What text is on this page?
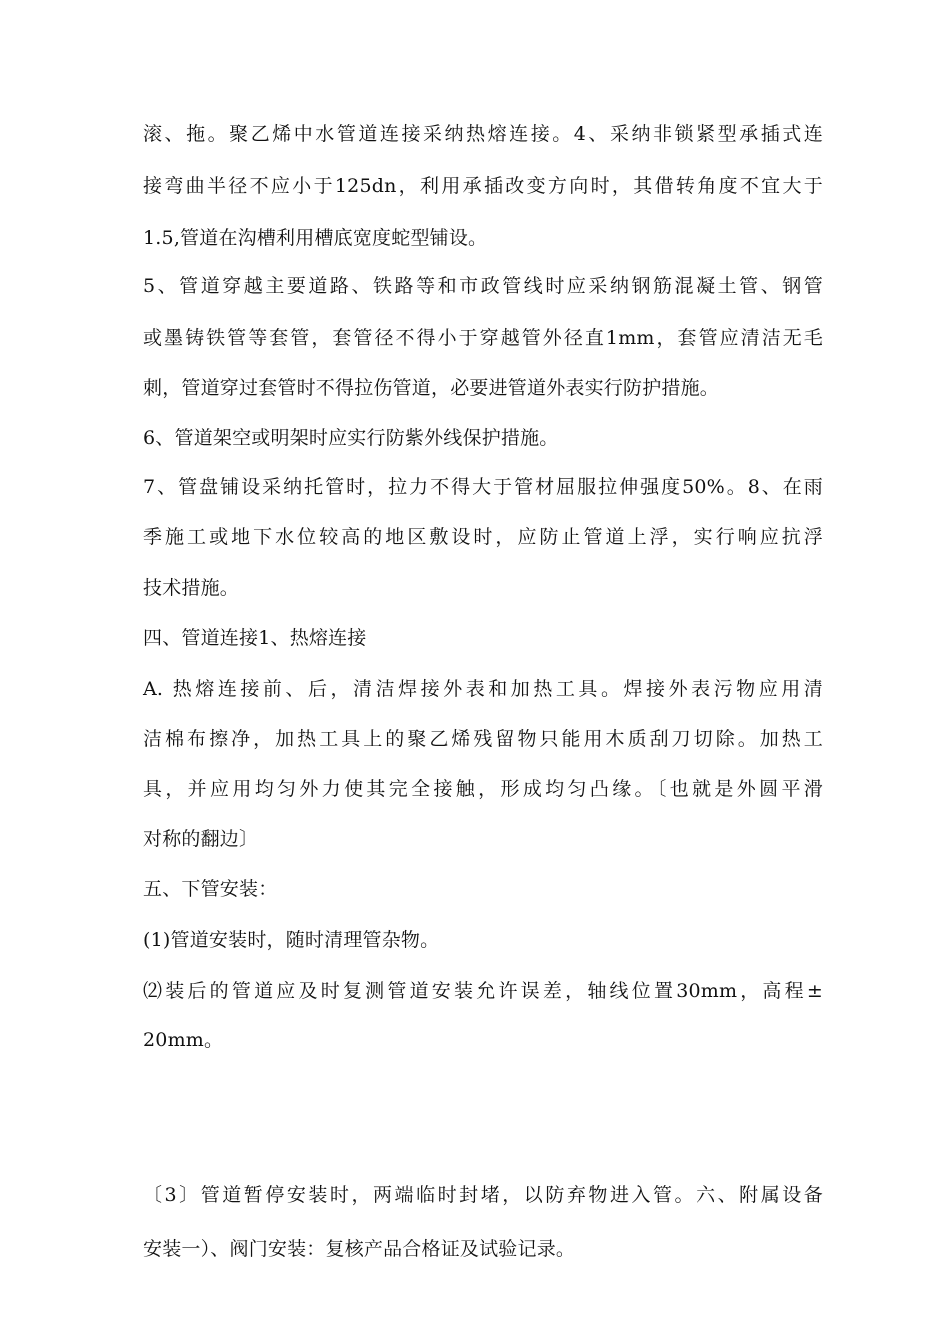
滚、拖。聚乙烯中水管道连接采纳热熔连接。4、采纳非锁紧型承插式连
接弯曲半径不应小于125dn，利用承插改变方向时，其借转角度不宜大于
1.5,管道在沟槽利用槽底宽度蛇型铺设。
5、管道穿越主要道路、铁路等和市政管线时应采纳钢筋混凝土管、钢管
或墨铸铁管等套管，套管径不得小于穿越管外径直1mm，套管应清洁无毛
刺，管道穿过套管时不得拉伤管道，必要进管道外表实行防护措施。
6、管道架空或明架时应实行防紫外线保护措施。
7、管盘铺设采纳托管时，拉力不得大于管材屈服拉伸强度50%。8、在雨
季施工或地下水位较高的地区敷设时，应防止管道上浮，实行响应抗浮
技术措施。
四、管道连接1、热熔连接
A. 热熔连接前、后，清洁焊接外表和加热工具。焊接外表污物应用清
洁棉布擦净，加热工具上的聚乙烯残留物只能用木质刮刀切除。加热工
具，并应用均匀外力使其完全接触，形成均匀凸缘。〔也就是外圆平滑
对称的翻边〕
五、下管安装：
(1)管道安装时，随时清理管杂物。
⑵装后的管道应及时复测管道安装允许误差，轴线位置30mm，高程±
20mm。
〔3〕管道暂停安装时，两端临时封堵，以防弃物进入管。六、附属设备
安装一）、阀门安装：复核产品合格证及试验记录。
